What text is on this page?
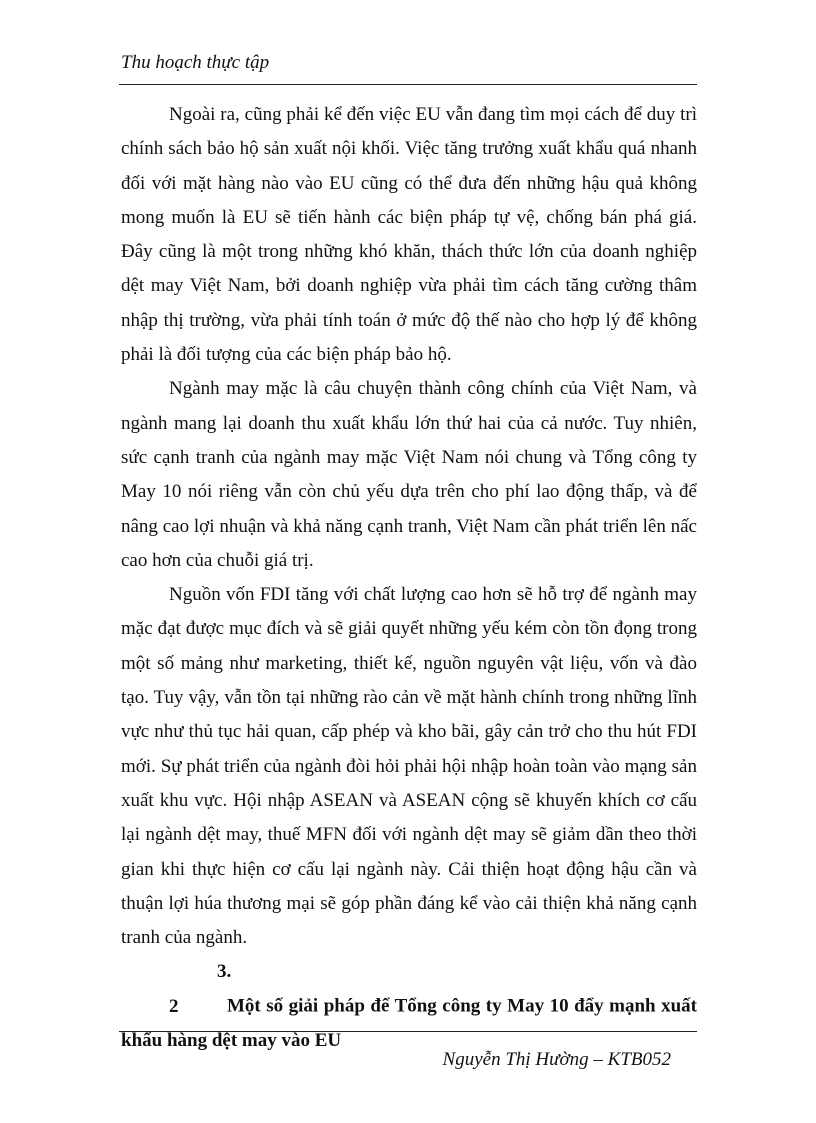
Thu hoạch thực tập

Ngoài ra, cũng phải kể đến việc EU vẫn đang tìm mọi cách để duy trì chính sách bảo hộ sản xuất nội khối. Việc tăng trưởng xuất khẩu quá nhanh đối với mặt hàng nào vào EU cũng có thể đưa đến những hậu quả không mong muốn là EU sẽ tiến hành các biện pháp tự vệ, chống bán phá giá. Đây cũng là một trong những khó khăn, thách thức lớn của doanh nghiệp dệt may Việt Nam, bởi doanh nghiệp vừa phải tìm cách tăng cường thâm nhập thị trường, vừa phải tính toán ở mức độ thế nào cho hợp lý để không phải là đối tượng của các biện pháp bảo hộ.

Ngành may mặc là câu chuyện thành công chính của Việt Nam, và ngành mang lại doanh thu xuất khẩu lớn thứ hai của cả nước. Tuy nhiên, sức cạnh tranh của ngành may mặc Việt Nam nói chung và Tổng công ty May 10 nói riêng vẫn còn chủ yếu dựa trên cho phí lao động thấp, và để nâng cao lợi nhuận và khả năng cạnh tranh, Việt Nam cần phát triển lên nấc cao hơn của chuỗi giá trị.

Nguồn vốn FDI tăng với chất lượng cao hơn sẽ hỗ trợ để ngành may mặc đạt được mục đích và sẽ giải quyết những yếu kém còn tồn đọng trong một số mảng như marketing, thiết kế, nguồn nguyên vật liệu, vốn và đào tạo. Tuy vậy, vẫn tồn tại những rào cản về mặt hành chính trong những lĩnh vực như thủ tục hải quan, cấp phép và kho bãi, gây cản trở cho thu hút FDI mới. Sự phát triển của ngành đòi hỏi phải hội nhập hoàn toàn vào mạng sản xuất khu vực. Hội nhập ASEAN và ASEAN cộng sẽ khuyến khích cơ cấu lại ngành dệt may, thuế MFN đối với ngành dệt may sẽ giảm dần theo thời gian khi thực hiện cơ cấu lại ngành này. Cải thiện hoạt động hậu cần và thuận lợi húa thương mại sẽ góp phần đáng kể vào cải thiện khả năng cạnh tranh của ngành.

3. 2	Một số giải pháp để Tổng công ty May 10 đẩy mạnh xuất khẩu hàng dệt may vào EU

Nguyễn Thị Hường – KTB052
